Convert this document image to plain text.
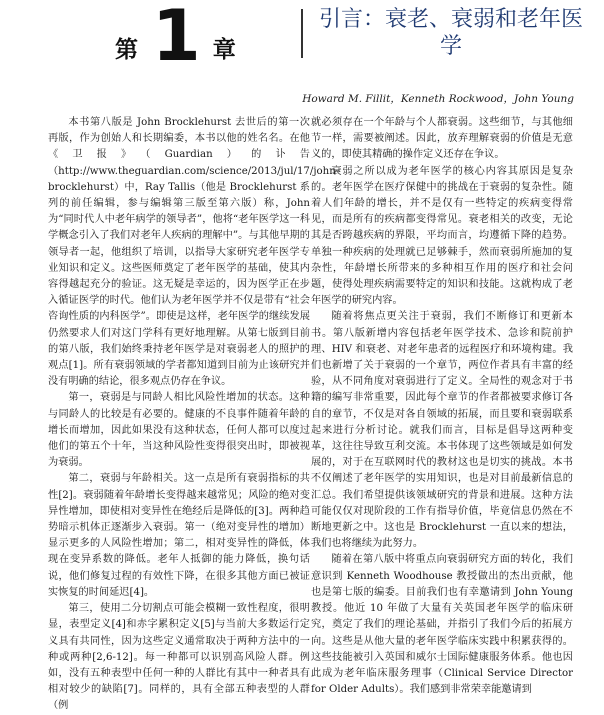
第 1 章
引言：衰老、衰弱和老年医学
Howard M. Fillit，Kenneth Rockwood，John Young

本书第八版是 John Brocklehurst 去世后的第一次再版，作为创始人和长期编委，本书以他的姓名名。在他《卫报》（Guardian）的讣告（http://www.theguardian.com/science/2013/jul/17/john-brocklehurst）中，Ray Tallis（他是 Brocklehurst 系列的前任编辑，参与编辑第三版至第六版）称，John 为“同时代人中老年病学的领导者”，他将“老年医学这一科学概念引入了我们对老年人疾病的理解中”。与其他早期的领导者一起，他组织了培训，以指导大家研究老年医学专业知识和定义。这些医师奠定了老年医学的基础，使其内容得越起充分的验证。这无疑是幸运的，因为医学正在步入循证医学的时代。他们认为老年医学并不仅是带有“社会咨询性质的内科医学”。即使是这样，老年医学的继续发展仍然要求人们对这门学科有更好地理解。从第七版到目前的第八版，我们始终秉持老年医学是对衰弱老人的照护的观点[1]。所有衰弱领域的学者都知道到目前为止该研究并没有明确的结论，很多观点仍存在争议。

第一，衰弱是与同龄人相比风险性增加的状态。这种与同龄人的比较是有必要的。健康的不良事件随着年龄的增长而增加，因此如果没有这种状态，任何人都可以度过他们的第五个十年，当这种风险性变得很突出时，即被视为衰弱。

第二，衰弱与年龄相关。这一点是所有衰弱指标的共性[2]。衰弱随着年龄增长变得越来越常见；风险的绝对变异性增加，即使相对变异性在绝经后是降低的[3]。两种趋势暗示机体正逐渐步入衰弱。第一（绝对变异性的增加）显示更多的人风险性增加；第二，相对变异性的降低，体现在变异系数的降低。老年人抵御的能力降低，换句话说，他们修复过程的有效性下降，在很多其他方面已被证实恢复的时间延迟[4]。

第三，使用二分切割点可能会模糊一致性程度，很明显，表型定义[4]和赤字累积定义[5]与当前大多数运行定义具有共同性，因为这些定义通常取决于两种方法中的一种或两种[2,6-12]。每一种都可以识别高风险人群。例如，没有五种表型中任何一种的人群比有其中一种者具有相对较少的缺陷[7]。同样的，具有全部五种表型的人群（例

就必须存在一个年龄与个人都衰弱。这些细节，与其他细节一样，需要被阐述。因此，放弃理解衰弱的价值是无意义的，即使其精确的操作定义还存在争议。

衰弱之所以成为老年医学的核心内容其原因是复杂的。老年医学在医疗保健中的挑战在于衰弱的复杂性。随着人们年龄的增长，并不是仅有一些特定的疾病变得常见，而是所有的疾病都变得常见。衰老相关的改变，无论其是否跨越疾病的界限，平均而言，均遵循下降的趋势。单独一种疾病的处理就已足够棘手，然而衰弱所施加的复杂性，年龄增长所带来的多种相互作用的医疗和社会问题，使得处理疾病需要特定的知识和技能。这就构成了老年医学的研究内容。

随着将焦点更关注于衰弱，我们不断修订和更新本书。第八版新增内容包括老年医学技术、急诊和院前护理、HIV 和衰老、对老年患者的远程医疗和环境构建。我们也新增了关于衰弱的一个章节，两位作者具有丰富的经验，从不同角度对衰弱进行了定义。全局性的观念对于书籍的编写非常重要，因此每个章节的作者都被要求修订各自的章节，不仅是对各自领域的拓展，而且要和衰弱联系起来进行分析讨论。就我们而言，目标是倡导这两种变革，这往往导致互利交流。本书体现了这些领域是如何发展的，对于在互联网时代的教材这也是切实的挑战。本书不仅阐述了老年医学的实用知识，也是对目前最新信息的汇总。我们希望提供该领域研究的背景和进展。这种方法可能仅仅对现阶段的工作有指导价值，毕竟信息仍然在不断地更新之中。这也是 Brocklehurst 一直以来的想法，我们也将继续为此努力。

随着在第八版中将重点向衰弱研究方面的转化，我们意识到 Kenneth Woodhouse 教授做出的杰出贡献，他也是第七版的编委。目前我们也有幸邀请到 John Young 教授。他近 10 年做了大量有关英国老年医学的临床研究，奠定了我们的理论基础，并指引了我们今后的拓展方向。这些是从他大量的老年医学临床实践中积累获得的。这些技能被引入英国和威尔士国际健康服务体系。他也因此成为老年临床服务理事（Clinical Service Director for Older Adults）。我们感到非常荣幸能邀请到
